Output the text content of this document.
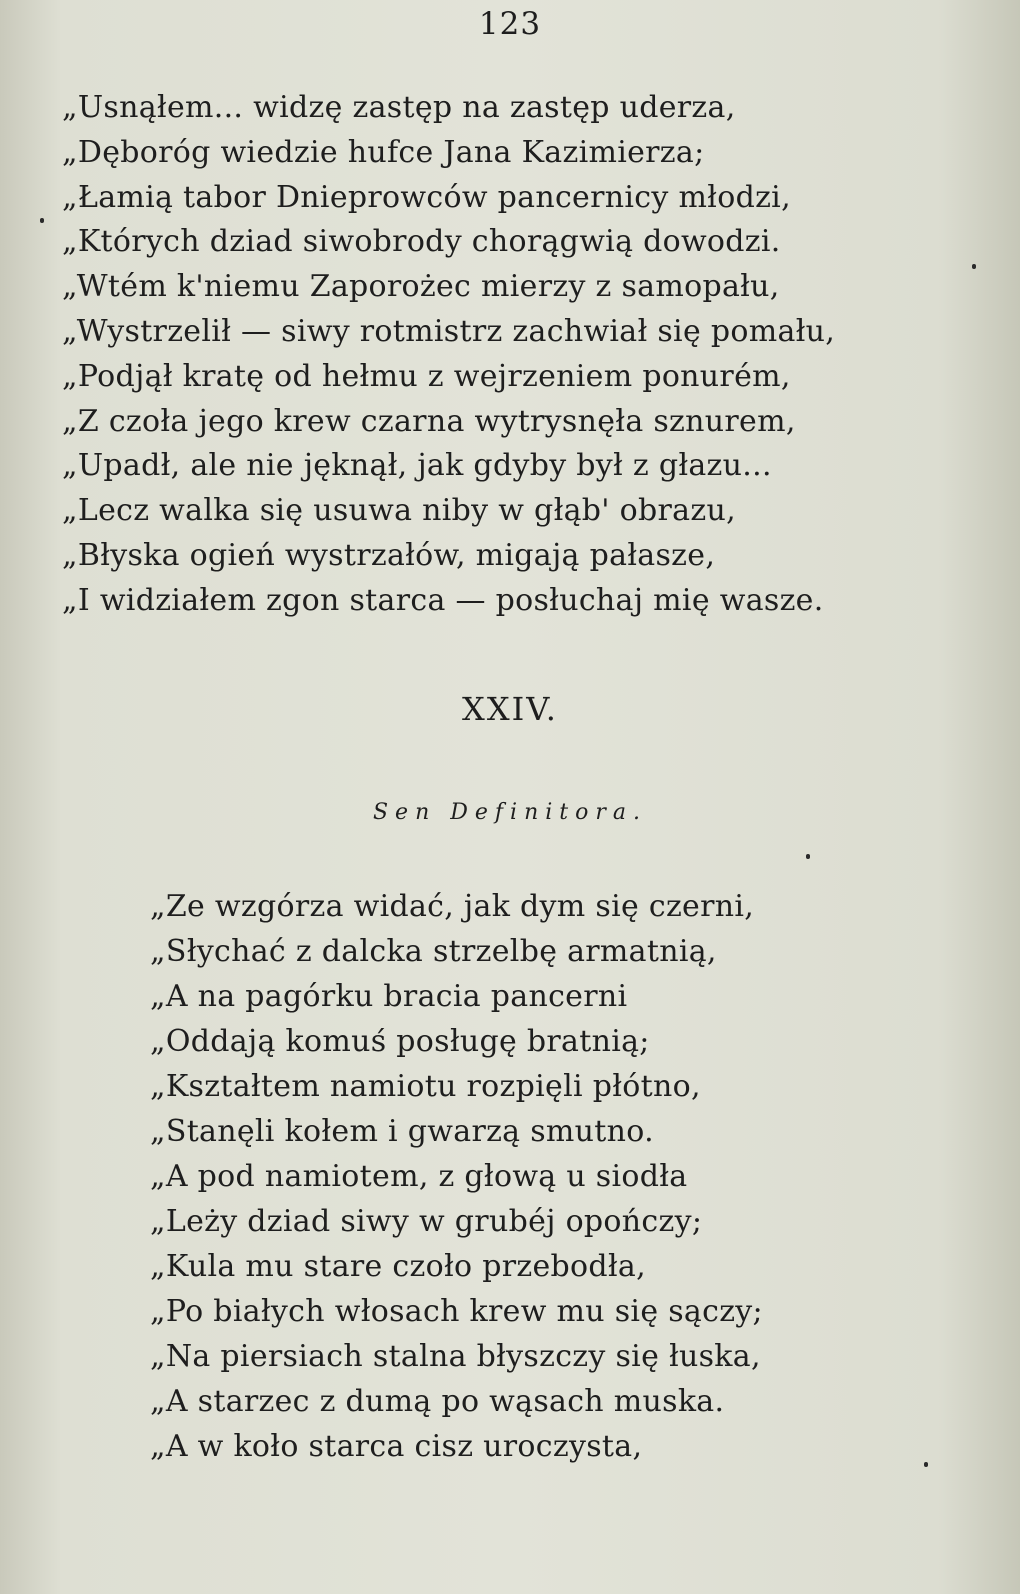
123
„Usnąłem... widzę zastęp na zastęp uderza,
„Dęboróg wiedzie hufce Jana Kazimierza;
„Łamią tabor Dnieprowców pancernicy młodzi,
„Których dziad siwobrody chorągwią dowodzi.
„Wtém k'niemu Zaporożec mierzy z samopału,
„Wystrzelił — siwy rotmistrz zachwiał się pomału,
„Podjął kratę od hełmu z wejrzeniem ponurém,
„Z czoła jego krew czarna wytrysnęła sznurem,
„Upadł, ale nie jęknął, jak gdyby był z głazu...
„Lecz walka się usuwa niby w głąb' obrazu,
„Błyska ogień wystrzałów, migają pałasze,
„I widziałem zgon starca — posłuchaj mię wasze.
XXIV.
Sen Definitora.
„Ze wzgórza widać, jak dym się czerni,
„Słychać z dalcka strzelbę armatnią,
„A na pagórku bracia pancerni
„Oddają komuś posługę bratnią;
„Kształtem namiotu rozpięli płótno,
„Stanęli kołem i gwarzą smutno.
„A pod namiotem, z głową u siodła
„Leży dziad siwy w grubéj opończy;
„Kula mu stare czoło przebodła,
„Po białych włosach krew mu się sączy;
„Na piersiach stalna błyszczy się łuska,
„A starzec z dumą po wąsach muska.
„A w koło starca cisz uroczysta,
